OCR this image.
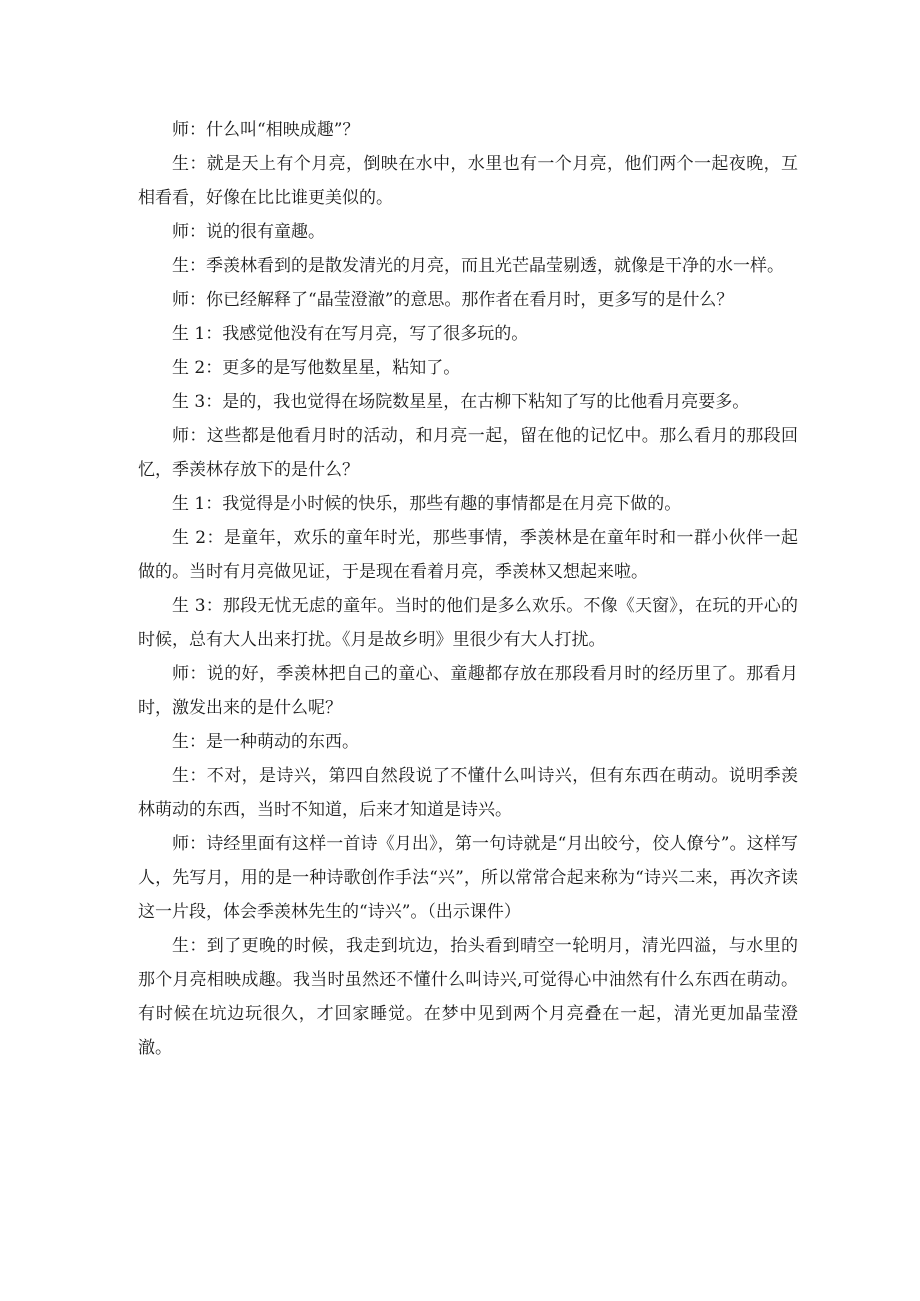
师：什么叫“相映成趣”？

生：就是天上有个月亮，倒映在水中，水里也有一个月亮，他们两个一起夜晚，互相看看，好像在比比谁更美似的。

师：说的很有童趣。

生：季羡林看到的是散发清光的月亮，而且光芒晶莹剔透，就像是干净的水一样。

师：你已经解释了“晶莹澄澈”的意思。那作者在看月时，更多写的是什么？

生 1：我感觉他没有在写月亮，写了很多玩的。

生 2：更多的是写他数星星，粘知了。

生 3：是的，我也觉得在场院数星星，在古柳下粘知了写的比他看月亮要多。

师：这些都是他看月时的活动，和月亮一起，留在他的记忆中。那么看月的那段回忆，季羡林存放下的是什么？

生 1：我觉得是小时候的快乐，那些有趣的事情都是在月亮下做的。

生 2：是童年，欢乐的童年时光，那些事情，季羡林是在童年时和一群小伙伴一起做的。当时有月亮做见证，于是现在看着月亮，季羡林又想起来啦。

生 3：那段无忧无虑的童年。当时的他们是多么欢乐。不像《天窗》，在玩的开心的时候，总有大人出来打扰。《月是故乡明》里很少有大人打扰。

师：说的好，季羡林把自己的童心、童趣都存放在那段看月时的经历里了。那看月时，激发出来的是什么呢？

生：是一种萌动的东西。

生：不对，是诗兴，第四自然段说了不懂什么叫诗兴，但有东西在萌动。说明季羡林萌动的东西，当时不知道，后来才知道是诗兴。

师：诗经里面有这样一首诗《月出》，第一句诗就是“月出皎兮，佼人僚兮”。这样写人，先写月，用的是一种诗歌创作手法“兴”，所以常常合起来称为“诗兴二来，再次齐读这一片段，体会季羡林先生的“诗兴”。（出示课件）

生：到了更晚的时候，我走到坑边，抬头看到晴空一轮明月，清光四溢，与水里的那个月亮相映成趣。我当时虽然还不懂什么叫诗兴,可觉得心中油然有什么东西在萌动。有时候在坑边玩很久，才回家睡觉。在梦中见到两个月亮叠在一起，清光更加晶莹澄澈。
